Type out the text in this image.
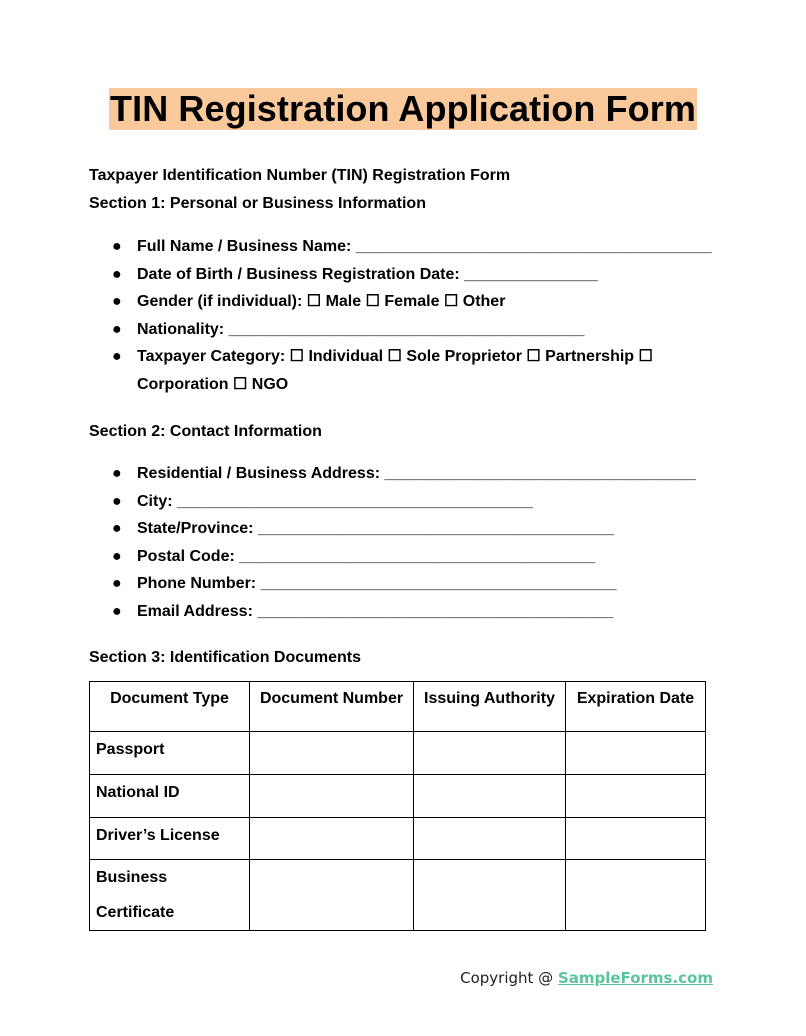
TIN Registration Application Form
Taxpayer Identification Number (TIN) Registration Form
Section 1: Personal or Business Information
● Full Name / Business Name: ________________________________________
● Date of Birth / Business Registration Date: _______________
● Gender (if individual): ☐ Male ☐ Female ☐ Other
● Nationality: ________________________________________
● Taxpayer Category: ☐ Individual ☐ Sole Proprietor ☐ Partnership ☐ Corporation ☐ NGO
Section 2: Contact Information
● Residential / Business Address: ___________________________________
● City: ________________________________________
● State/Province: ________________________________________
● Postal Code: ________________________________________
● Phone Number: ________________________________________
● Email Address: ________________________________________
Section 3: Identification Documents
Document Type	Document Number	Issuing Authority	Expiration Date
Passport			
National ID			
Driver’s License			

Business Certificate			

Copyright @ SampleForms.com
